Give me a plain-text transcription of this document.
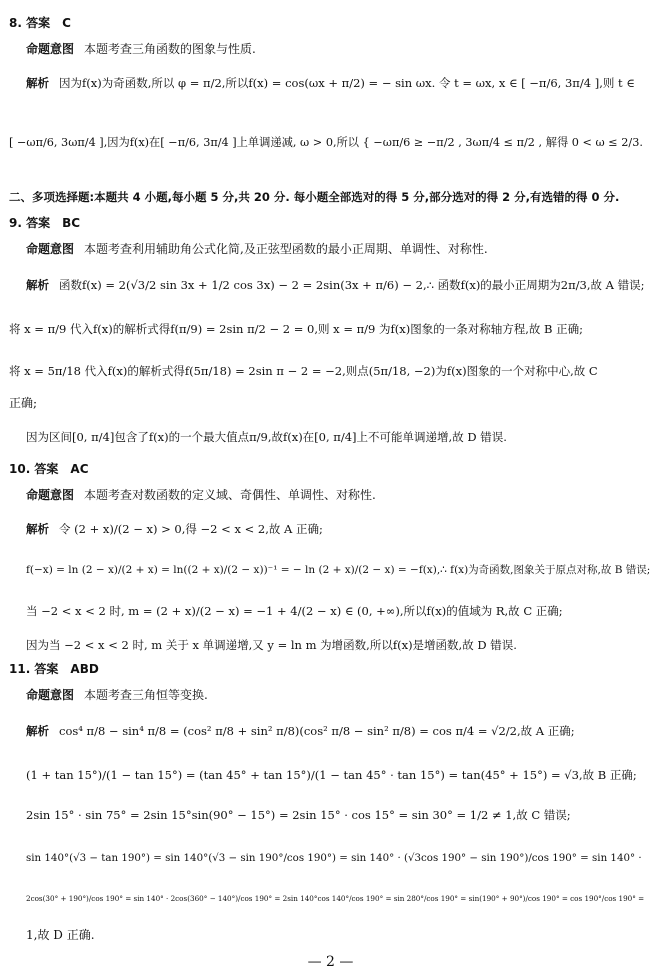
8. 答案　C
命题意图 本题考查三角函数的图象与性质.
解析 因为f(x)为奇函数,所以 φ = π/2,所以f(x) = cos(ωx + π/2) = − sin ωx. 令 t = ωx, x ∈ [ −π/6, 3π/4 ],则 t ∈
[ −ωπ/6, 3ωπ/4 ],因为f(x)在[ −π/6, 3π/4 ]上单调递减, ω > 0,所以 { −ωπ/6 ≥ −π/2 , 3ωπ/4 ≤ π/2 , 解得 0 < ω ≤ 2/3.
二、多项选择题:本题共 4 小题,每小题 5 分,共 20 分. 每小题全部选对的得 5 分,部分选对的得 2 分,有选错的得 0 分.
9. 答案　BC
命题意图 本题考查利用辅助角公式化简,及正弦型函数的最小正周期、单调性、对称性.
解析 函数f(x) = 2(√3/2 sin 3x + 1/2 cos 3x) − 2 = 2sin(3x + π/6) − 2,∴ 函数f(x)的最小正周期为2π/3,故 A 错误;
将 x = π/9 代入f(x)的解析式得f(π/9) = 2sin π/2 − 2 = 0,则 x = π/9 为f(x)图象的一条对称轴方程,故 B 正确;
将 x = 5π/18 代入f(x)的解析式得f(5π/18) = 2sin π − 2 = −2,则点(5π/18, −2)为f(x)图象的一个对称中心,故 C
正确;
因为区间[0, π/4]包含了f(x)的一个最大值点π/9,故f(x)在[0, π/4]上不可能单调递增,故 D 错误.
10. 答案　AC
命题意图 本题考查对数函数的定义域、奇偶性、单调性、对称性.
解析 令 (2 + x)/(2 − x) > 0,得 −2 < x < 2,故 A 正确;
f(−x) = ln (2 − x)/(2 + x) = ln((2 + x)/(2 − x))⁻¹ = − ln (2 + x)/(2 − x) = −f(x),∴ f(x)为奇函数,图象关于原点对称,故 B 错误;
当 −2 < x < 2 时, m = (2 + x)/(2 − x) = −1 + 4/(2 − x) ∈ (0, +∞),所以f(x)的值域为 R,故 C 正确;
因为当 −2 < x < 2 时, m 关于 x 单调递增,又 y = ln m 为增函数,所以f(x)是增函数,故 D 错误.
11. 答案　ABD
命题意图 本题考查三角恒等变换.
解析 cos⁴ π/8 − sin⁴ π/8 = (cos² π/8 + sin² π/8)(cos² π/8 − sin² π/8) = cos π/4 = √2/2,故 A 正确;
(1 + tan 15°)/(1 − tan 15°) = (tan 45° + tan 15°)/(1 − tan 45° · tan 15°) = tan(45° + 15°) = √3,故 B 正确;
2sin 15° · sin 75° = 2sin 15°sin(90° − 15°) = 2sin 15° · cos 15° = sin 30° = 1/2 ≠ 1,故 C 错误;
sin 140°(√3 − tan 190°) = sin 140°(√3 − sin 190°/cos 190°) = sin 140° · (√3cos 190° − sin 190°)/cos 190° = sin 140° ·
2cos(30° + 190°)/cos 190° = sin 140° · 2cos(360° − 140°)/cos 190° = 2sin 140°cos 140°/cos 190° = sin 280°/cos 190° = sin(190° + 90°)/cos 190° = cos 190°/cos 190° =
1,故 D 正确.
— 2 —
